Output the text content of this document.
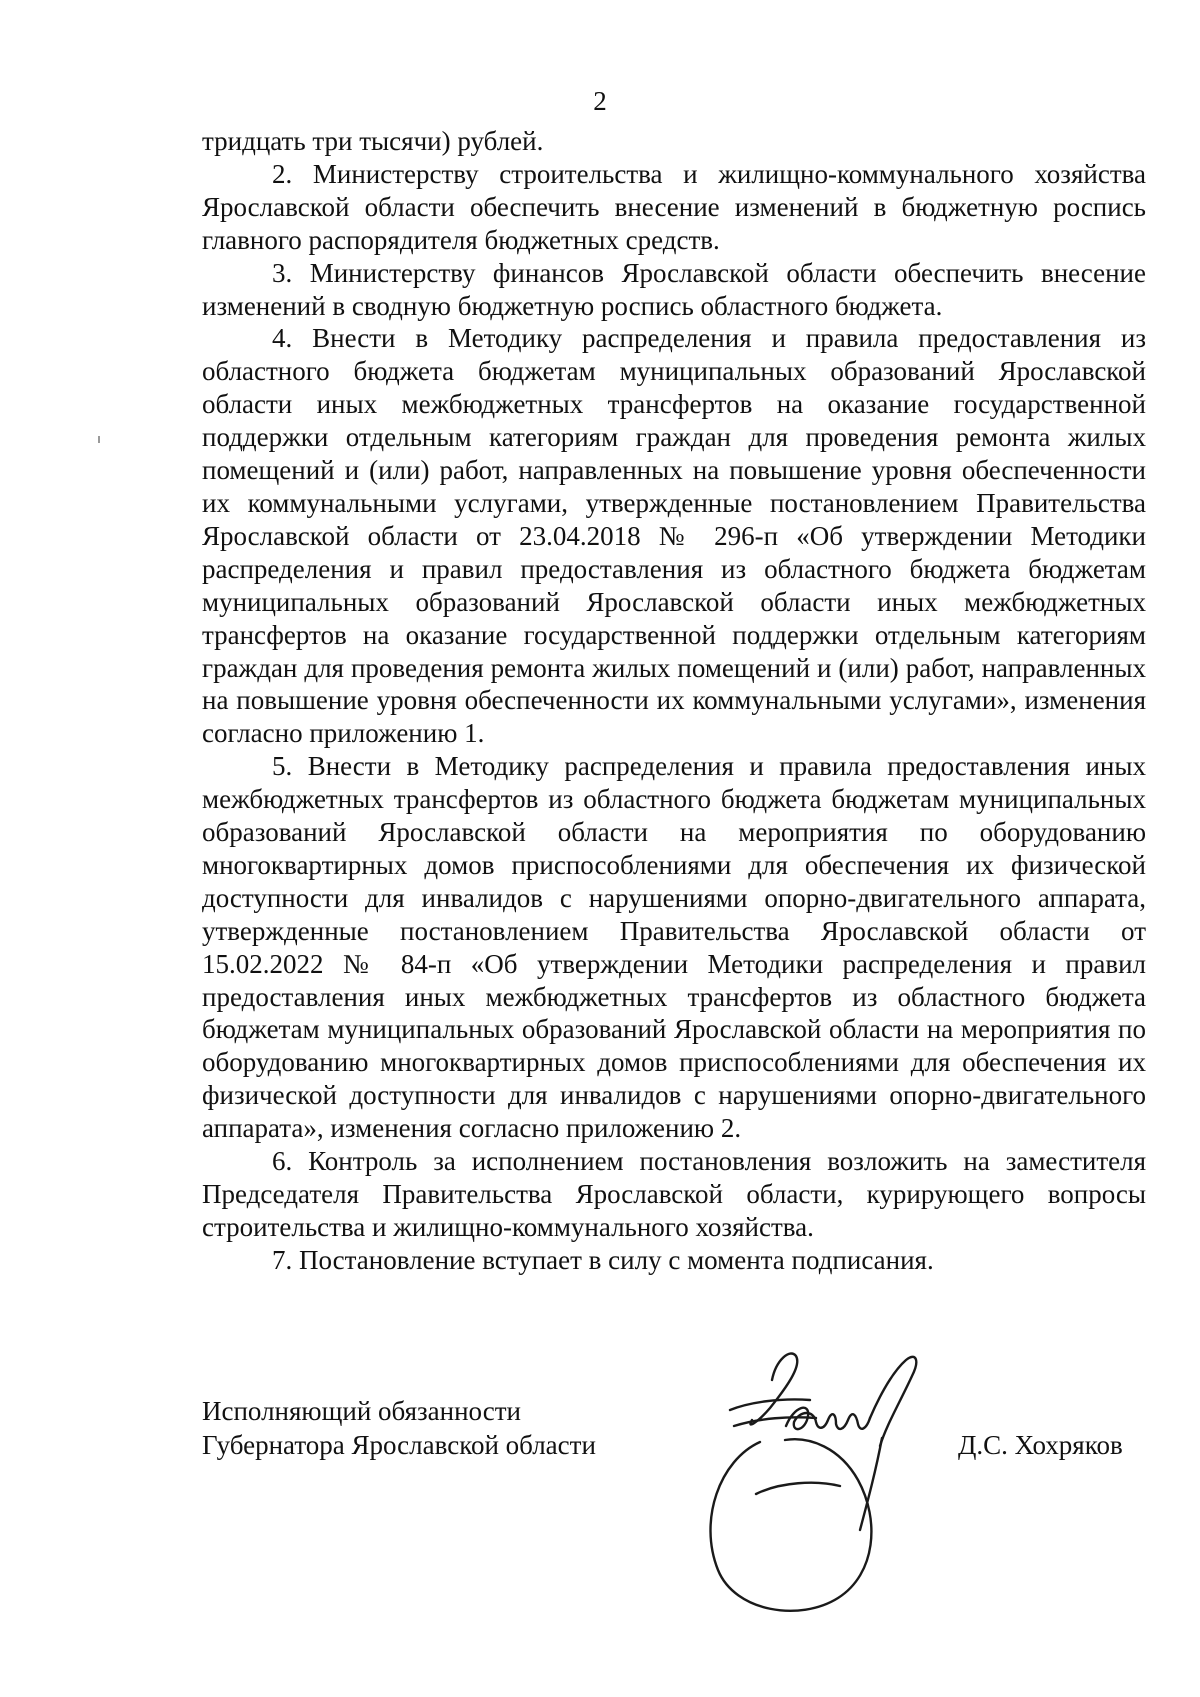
2

тридцать три тысячи) рублей.

2. Министерству строительства и жилищно-коммунального хозяйства Ярославской области обеспечить внесение изменений в бюджетную роспись главного распорядителя бюджетных средств.

3. Министерству финансов Ярославской области обеспечить внесение изменений в сводную бюджетную роспись областного бюджета.

4. Внести в Методику распределения и правила предоставления из областного бюджета бюджетам муниципальных образований Ярославской области иных межбюджетных трансфертов на оказание государственной поддержки отдельным категориям граждан для проведения ремонта жилых помещений и (или) работ, направленных на повышение уровня обеспеченности их коммунальными услугами, утвержденные постановлением Правительства Ярославской области от 23.04.2018 № 296-п «Об утверждении Методики распределения и правил предоставления из областного бюджета бюджетам муниципальных образований Ярославской области иных межбюджетных трансфертов на оказание государственной поддержки отдельным категориям граждан для проведения ремонта жилых помещений и (или) работ, направленных на повышение уровня обеспеченности их коммунальными услугами», изменения согласно приложению 1.

5. Внести в Методику распределения и правила предоставления иных межбюджетных трансфертов из областного бюджета бюджетам муниципальных образований Ярославской области на мероприятия по оборудованию многоквартирных домов приспособлениями для обеспечения их физической доступности для инвалидов с нарушениями опорно-двигательного аппарата, утвержденные постановлением Правительства Ярославской области от 15.02.2022 № 84-п «Об утверждении Методики распределения и правил предоставления иных межбюджетных трансфертов из областного бюджета бюджетам муниципальных образований Ярославской области на мероприятия по оборудованию многоквартирных домов приспособлениями для обеспечения их физической доступности для инвалидов с нарушениями опорно-двигательного аппарата», изменения согласно приложению 2.

6. Контроль за исполнением постановления возложить на заместителя Председателя Правительства Ярославской области, курирующего вопросы строительства и жилищно-коммунального хозяйства.

7. Постановление вступает в силу с момента подписания.

Исполняющий обязанности
Губернатора Ярославской области	Д.С. Хохряков
